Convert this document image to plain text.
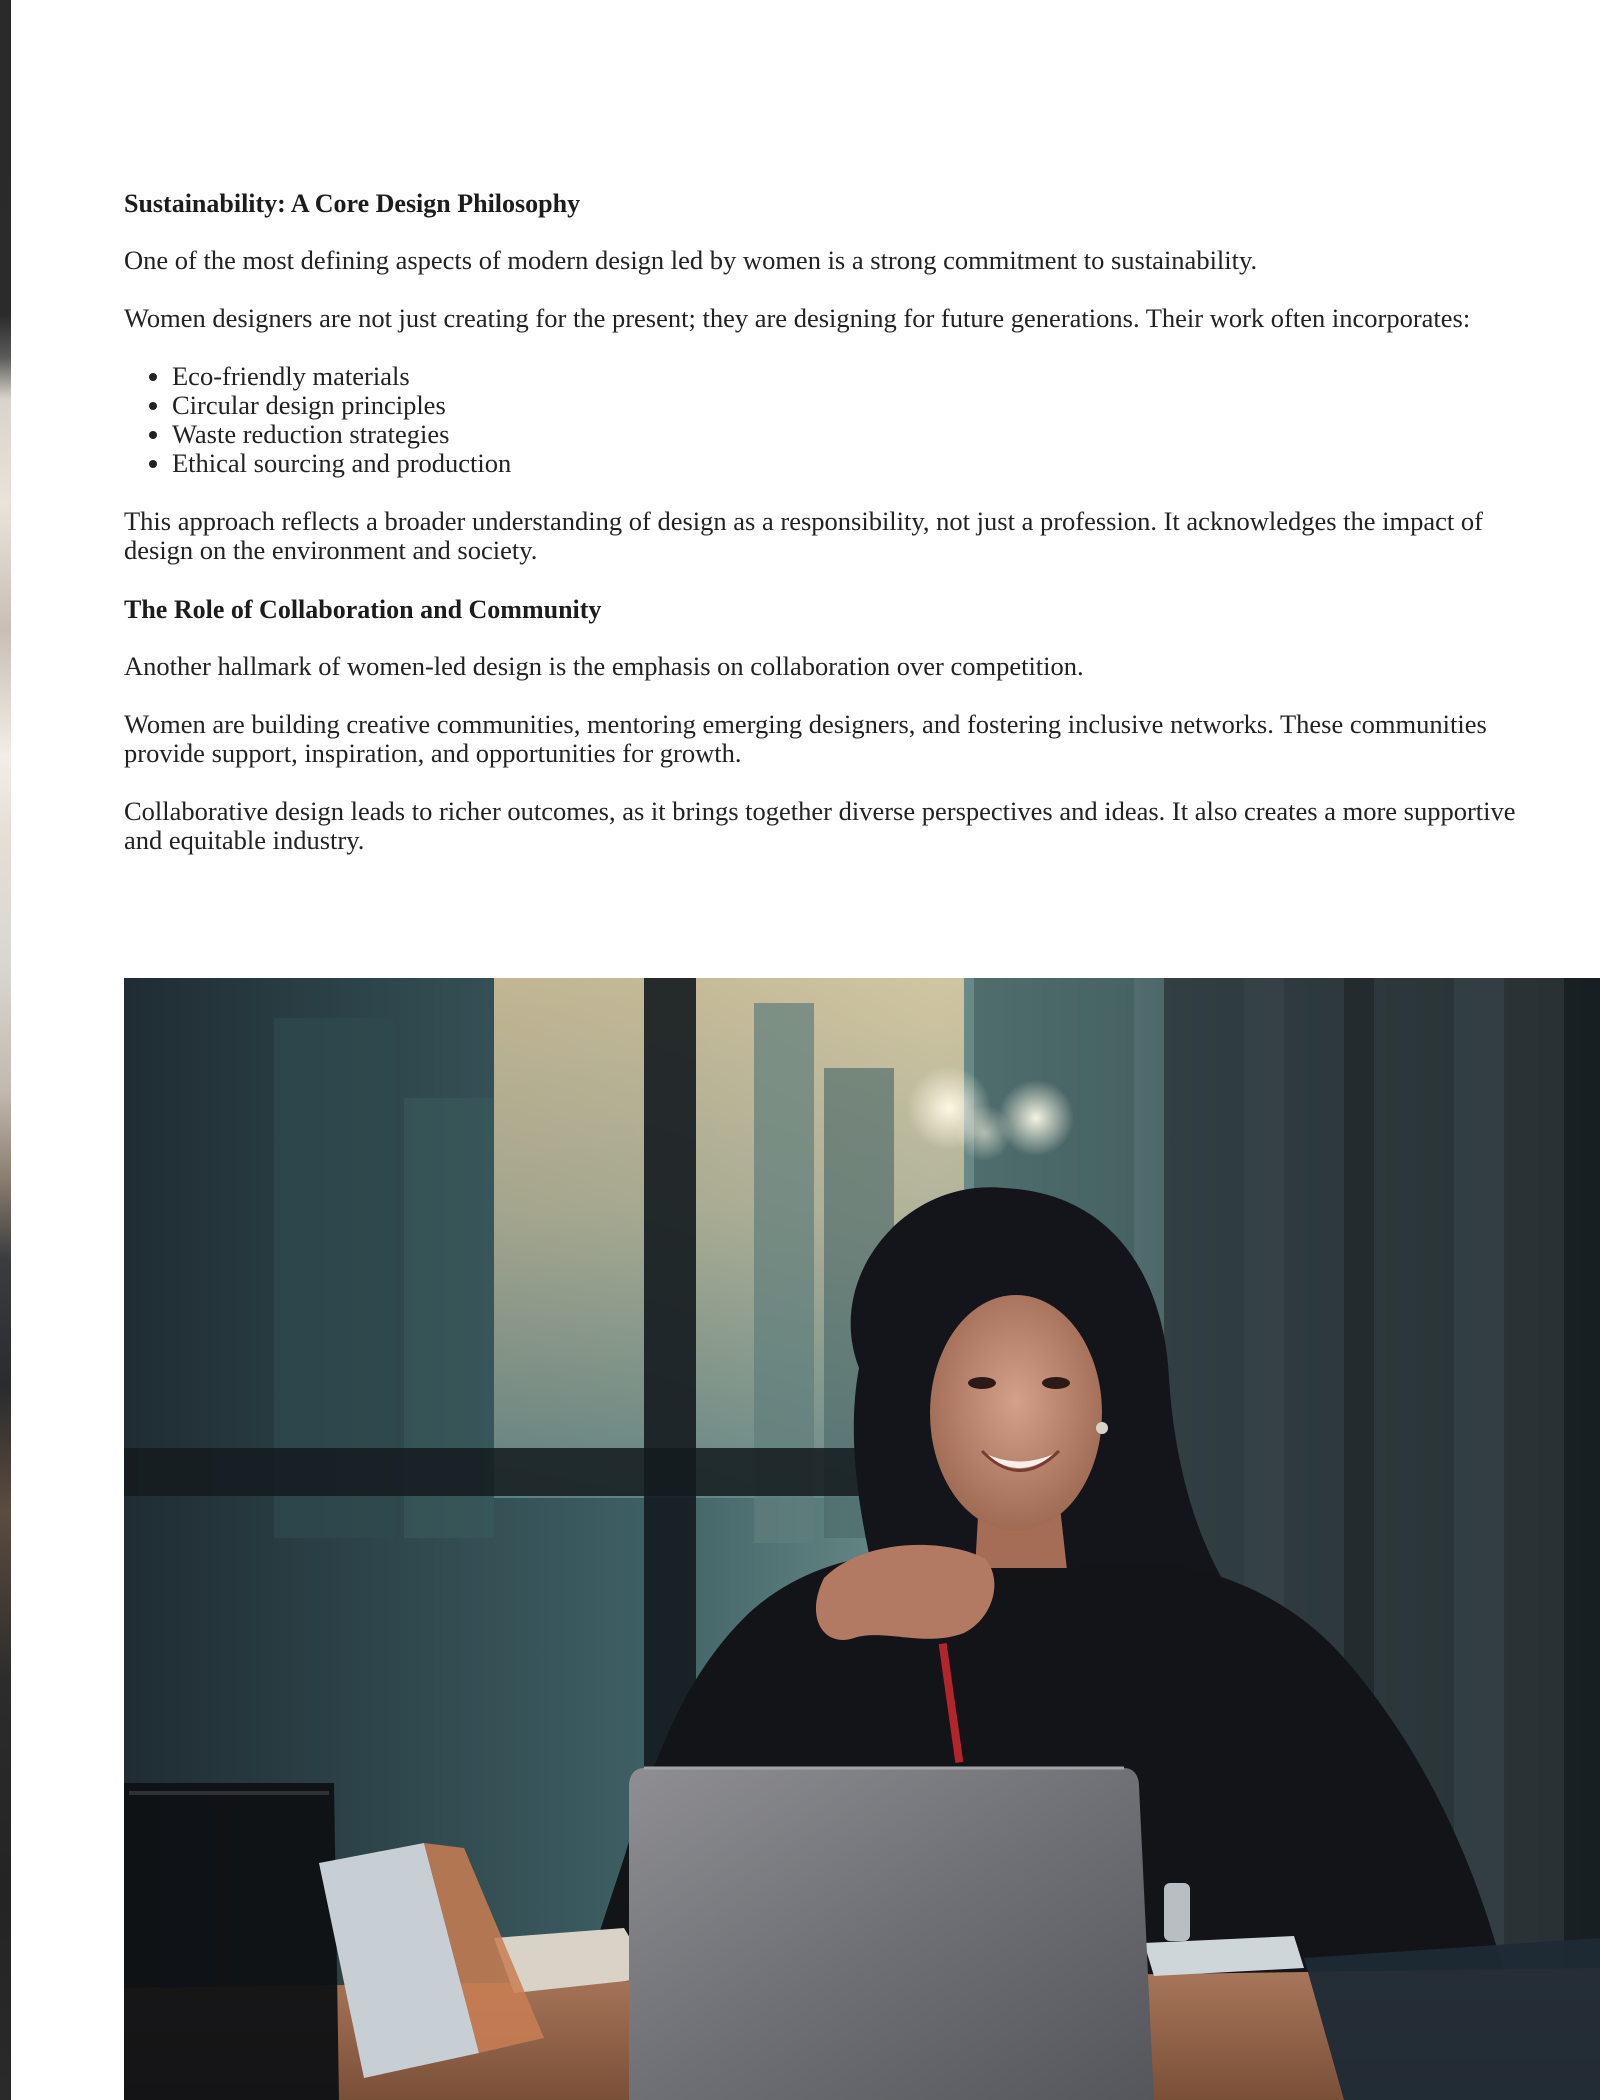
Sustainability: A Core Design Philosophy

One of the most defining aspects of modern design led by women is a strong commitment to sustainability.

Women designers are not just creating for the present; they are designing for future generations. Their work often incorporates:

• Eco-friendly materials
• Circular design principles
• Waste reduction strategies
• Ethical sourcing and production

This approach reflects a broader understanding of design as a responsibility, not just a profession. It acknowledges the impact of design on the environment and society.

The Role of Collaboration and Community

Another hallmark of women-led design is the emphasis on collaboration over competition.

Women are building creative communities, mentoring emerging designers, and fostering inclusive networks. These communities provide support, inspiration, and opportunities for growth.

Collaborative design leads to richer outcomes, as it brings together diverse perspectives and ideas. It also creates a more supportive and equitable industry.
